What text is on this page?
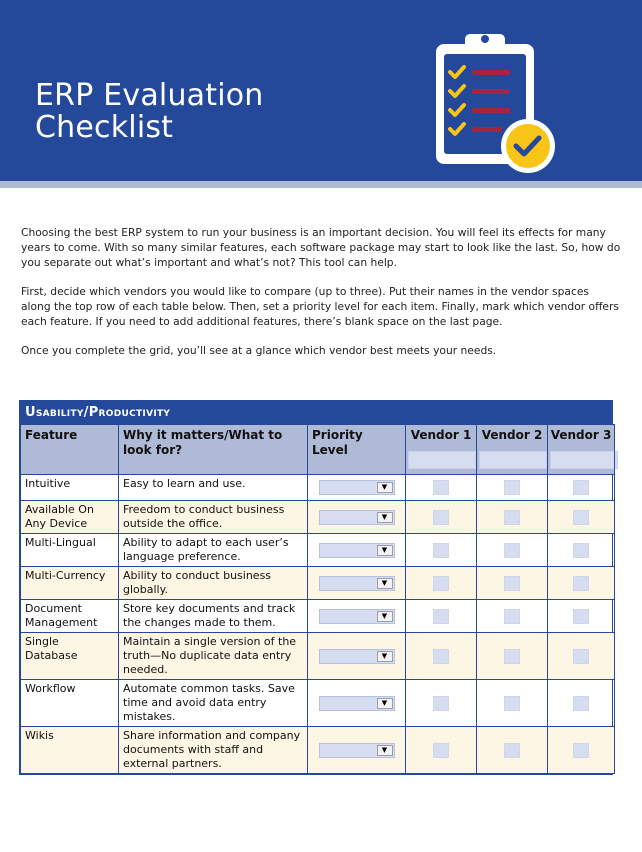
ERP Evaluation
Checklist

Choosing the best ERP system to run your business is an important decision. You will feel its effects for many years to come. With so many similar features, each software package may start to look like the last. So, how do you separate out what’s important and what’s not? This tool can help.

First, decide which vendors you would like to compare (up to three). Put their names in the vendor spaces along the top row of each table below. Then, set a priority level for each item. Finally, mark which vendor offers each feature. If you need to add additional features, there’s blank space on the last page.

Once you complete the grid, you’ll see at a glance which vendor best meets your needs.

Usability/Productivity
Feature	Why it matters/What to look for?	Priority Level	Vendor 1	Vendor 2	Vendor 3

Intuitive	Easy to learn and use.	▼			

Available On Any Device	Freedom to conduct business outside the office.	▼			

Multi-Lingual	Ability to adapt to each user’s language preference.	▼			

Multi-Currency	Ability to conduct business globally.	▼			

Document Management	Store key documents and track the changes made to them.	▼			

Single Database	Maintain a single version of the truth—No duplicate data entry needed.	▼			

Workflow	Automate common tasks. Save time and avoid data entry mistakes.	▼			

Wikis	Share information and company documents with staff and external partners.	▼			
